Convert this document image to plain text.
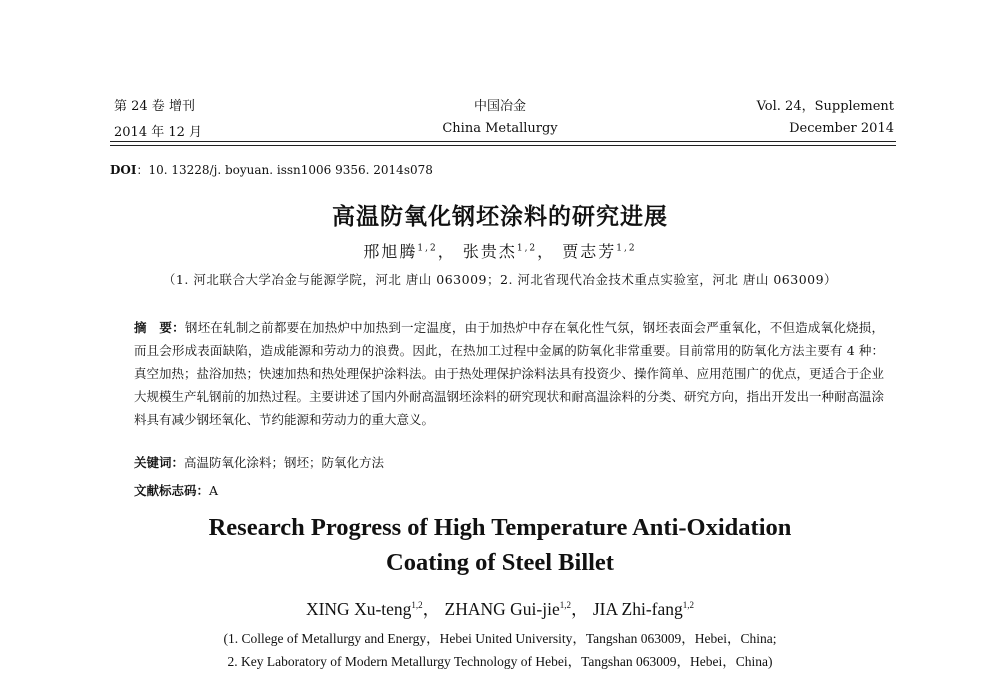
第 24 卷 增刊
2014 年 12 月
中国冶金
China Metallurgy
Vol. 24，Supplement
December 2014
DOI：10. 13228/j. boyuan. issn1006 9356. 2014s078
高温防氧化钢坯涂料的研究进展
邢旭腾$^{1,2}$， 张贵杰$^{1,2}$， 贾志芳$^{1,2}$
（1. 河北联合大学冶金与能源学院，河北 唐山 063009；2. 河北省现代冶金技术重点实验室，河北 唐山 063009）
摘　要：钢坯在轧制之前都要在加热炉中加热到一定温度，由于加热炉中存在氧化性气氛，钢坯表面会严重氧化，不但造成氧化烧损，而且会形成表面缺陷，造成能源和劳动力的浪费。因此，在热加工过程中金属的防氧化非常重要。目前常用的防氧化方法主要有 4 种：真空加热；盐浴加热；快速加热和热处理保护涂料法。由于热处理保护涂料法具有投资少、操作简单、应用范围广的优点，更适合于企业大规模生产轧钢前的加热过程。主要讲述了国内外耐高温钢坯涂料的研究现状和耐高温涂料的分类、研究方向，指出开发出一种耐高温涂料具有减少钢坯氧化、节约能源和劳动力的重大意义。
关键词：高温防氧化涂料；钢坯；防氧化方法
文献标志码：A
Research Progress of High Temperature Anti-Oxidation
Coating of Steel Billet
XING Xu-teng$^{1,2}$， ZHANG Gui-jie$^{1,2}$， JIA Zhi-fang$^{1,2}$
(1. College of Metallurgy and Energy，Hebei United University，Tangshan 063009，Hebei，China;
2. Key Laboratory of Modern Metallurgy Technology of Hebei，Tangshan 063009，Hebei，China)
